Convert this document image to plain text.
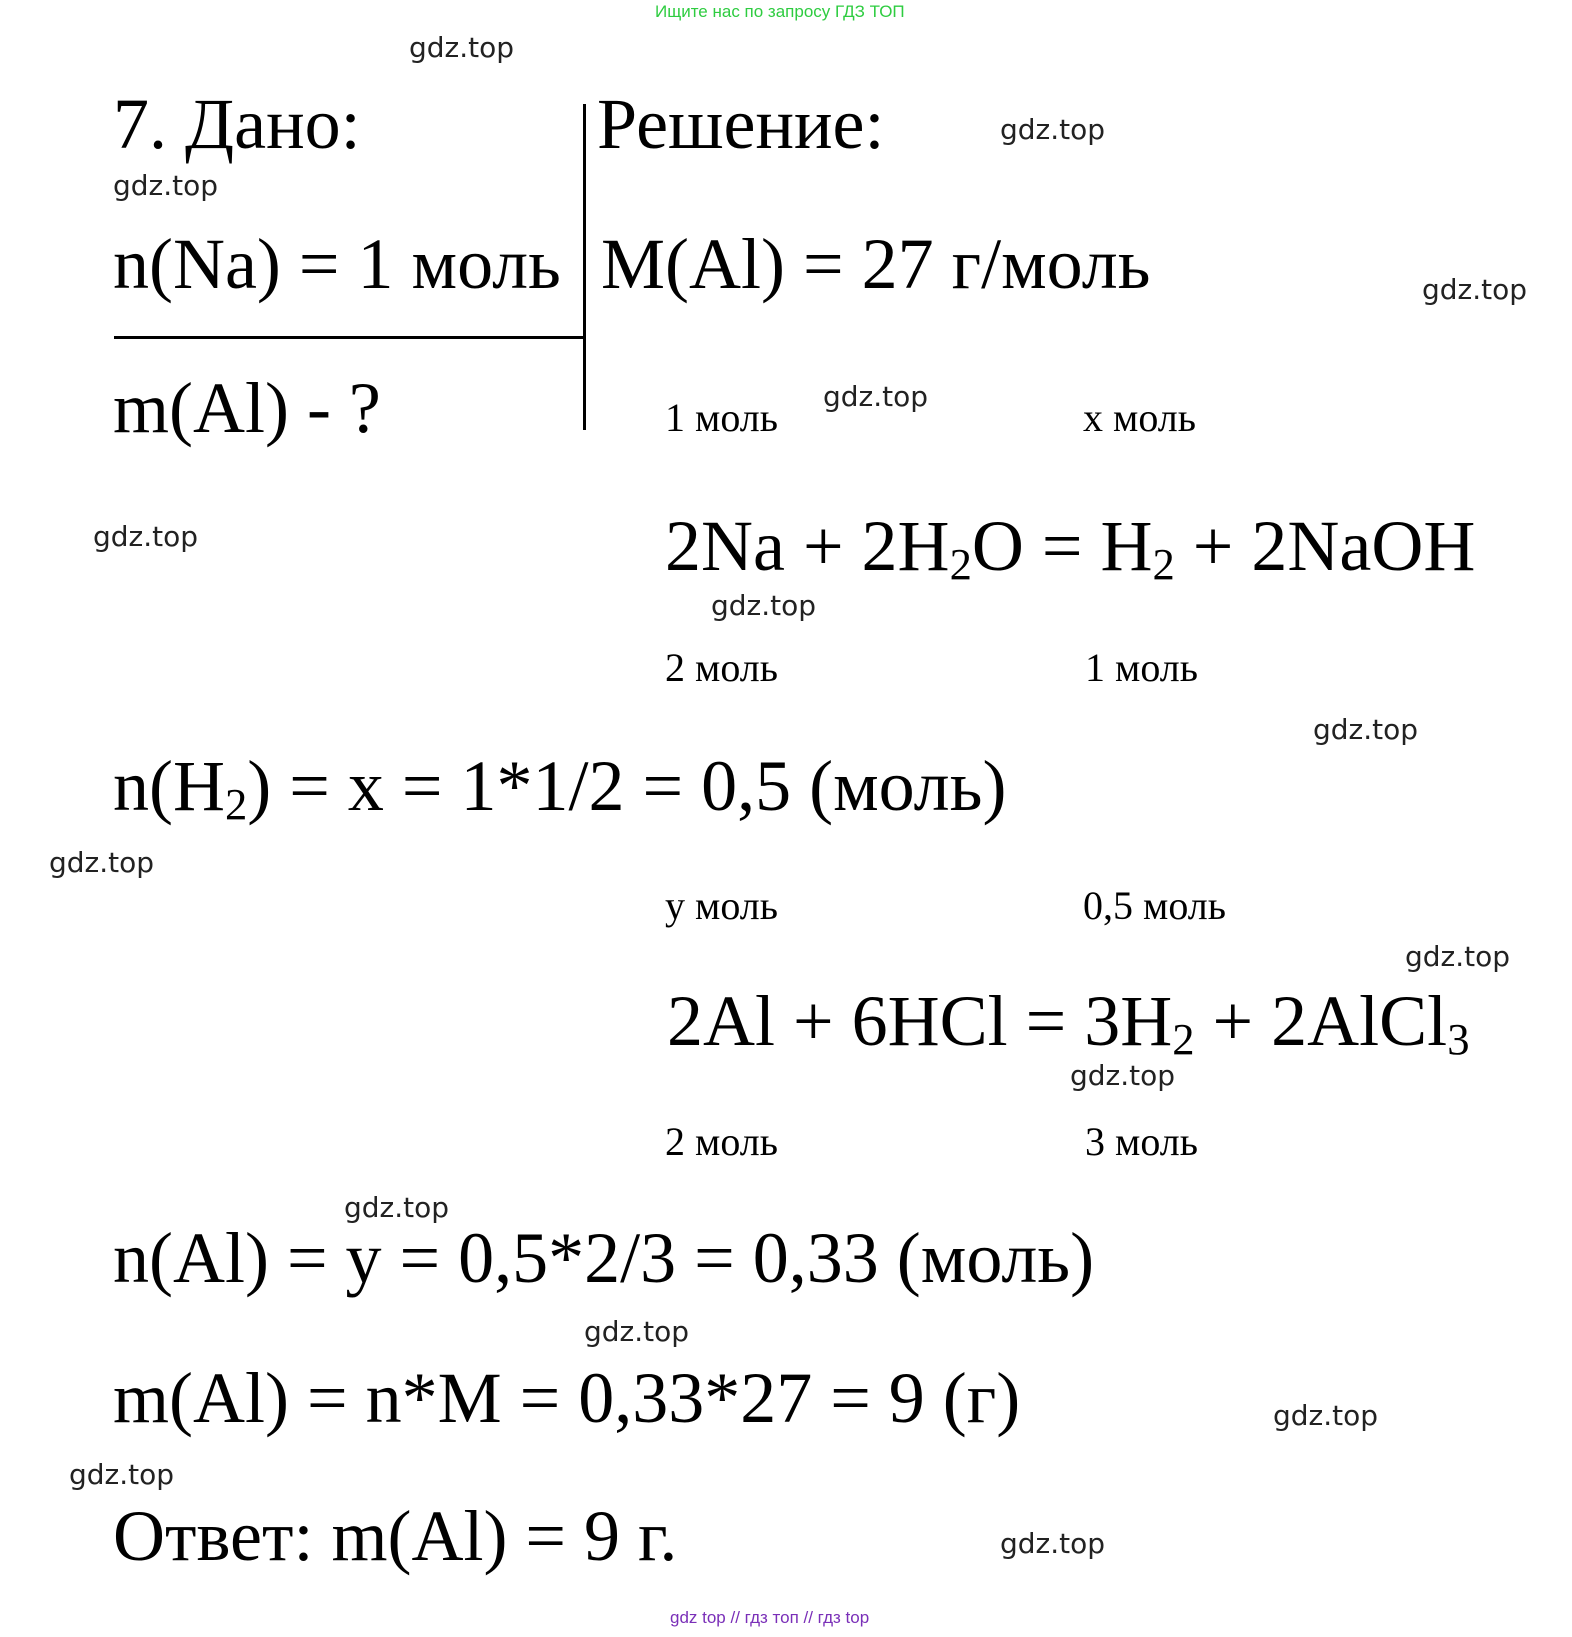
Ищите нас по запросу ГДЗ ТОП
gdz top // гдз топ // гдз top
7. Дано:
n(Na) = 1 моль
m(Al) - ?
Решение:
M(Al) = 27 г/моль
1 моль	x моль
$2Na + 2H_2O = H_2$ + 2NaOH
2 моль	1 моль
$n(H_2) = x = 1*1/2 = 0,5$ (моль)
y моль	0,5 моль
$2Al + 6HCl = 3H_2$ + 2AlCl$_3$
2 моль	3 моль
n(Al) = y = 0,5*2/3 = 0,33 (моль)
m(Al) = n*M = 0,33*27 = 9 (г)
Ответ: m(Al) = 9 г.
gdz.top
gdz.top
gdz.top
gdz.top
gdz.top
gdz.top
gdz.top
gdz.top
gdz.top
gdz.top
gdz.top
gdz.top
gdz.top
gdz.top
gdz.top
gdz.top
